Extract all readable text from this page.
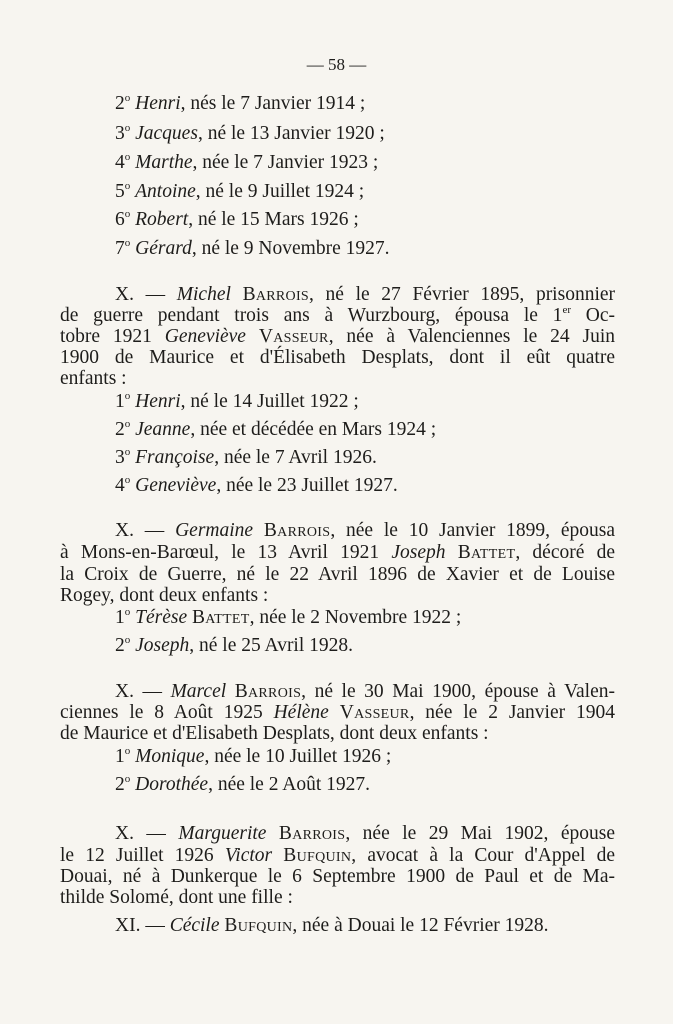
— 58 —
2$^o$ Henri, nés le 7 Janvier 1914 ;
3$^o$ Jacques, né le 13 Janvier 1920 ;
4$^o$ Marthe, née le 7 Janvier 1923 ;
5$^o$ Antoine, né le 9 Juillet 1924 ;
6$^o$ Robert, né le 15 Mars 1926 ;
7$^o$ Gérard, né le 9 Novembre 1927.
X. — Michel Barrois, né le 27 Février 1895, prisonnier
de guerre pendant trois ans à Wurzbourg, épousa le 1er Oc-
tobre 1921 Geneviève Vasseur, née à Valenciennes le 24 Juin
1900 de Maurice et d'Élisabeth Desplats, dont il eût quatre
enfants :
1$^o$ Henri, né le 14 Juillet 1922 ;
2$^o$ Jeanne, née et décédée en Mars 1924 ;
3$^o$ Françoise, née le 7 Avril 1926.
4$^o$ Geneviève, née le 23 Juillet 1927.
X. — Germaine Barrois, née le 10 Janvier 1899, épousa
à Mons-en-Barœul, le 13 Avril 1921 Joseph Battet, décoré de
la Croix de Guerre, né le 22 Avril 1896 de Xavier et de Louise
Rogey, dont deux enfants :
1$^o$ Térèse Battet, née le 2 Novembre 1922 ;
2$^o$ Joseph, né le 25 Avril 1928.
X. — Marcel Barrois, né le 30 Mai 1900, épouse à Valen-
ciennes le 8 Août 1925 Hélène Vasseur, née le 2 Janvier 1904
de Maurice et d'Elisabeth Desplats, dont deux enfants :
1$^o$ Monique, née le 10 Juillet 1926 ;
2$^o$ Dorothée, née le 2 Août 1927.
X. — Marguerite Barrois, née le 29 Mai 1902, épouse
le 12 Juillet 1926 Victor Bufquin, avocat à la Cour d'Appel de
Douai, né à Dunkerque le 6 Septembre 1900 de Paul et de Ma-
thilde Solomé, dont une fille :
XI. — Cécile Bufquin, née à Douai le 12 Février 1928.
